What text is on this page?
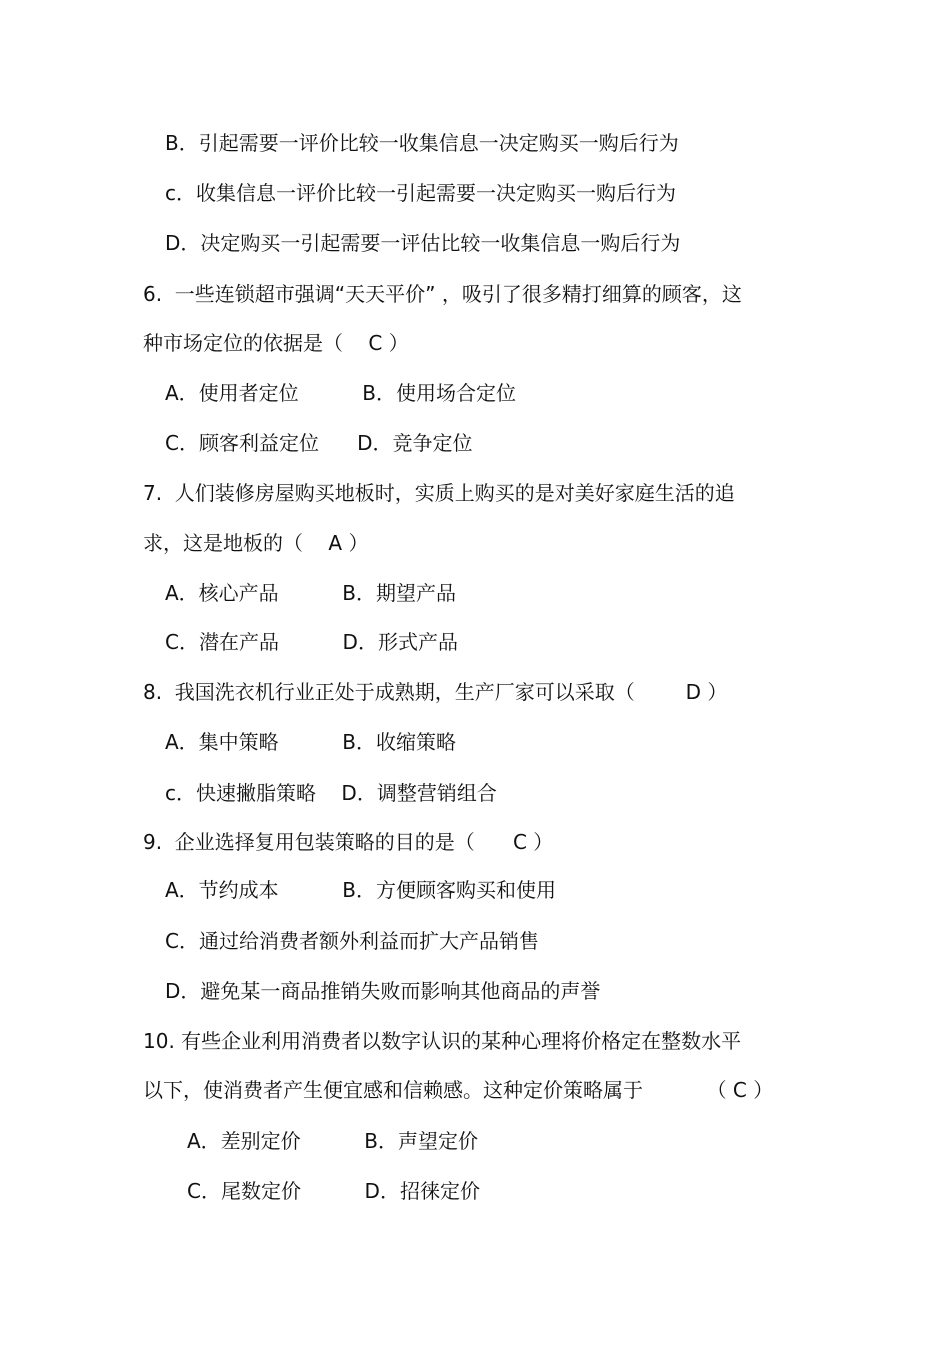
B．引起需要一评价比较一收集信息一决定购买一购后行为
c．收集信息一评价比较一引起需要一决定购买一购后行为
D．决定购买一引起需要一评估比较一收集信息一购后行为
6.  一些连锁超市强调“天天平价” ，吸引了很多精打细算的顾客，这
种市场定位的依据是（    C ）
A．使用者定位          B．使用场合定位
C．顾客利益定位      D．竞争定位
7.  人们装修房屋购买地板时，实质上购买的是对美好家庭生活的追
求，这是地板的（    A ）
A．核心产品          B．期望产品
C．潜在产品          D．形式产品
8.  我国洗衣机行业正处于成熟期，生产厂家可以采取（        D ）
A．集中策略          B．收缩策略
c．快速撇脂策略    D．调整营销组合
9.  企业选择复用包装策略的目的是（      C ）
A．节约成本          B．方便顾客购买和使用
C．通过给消费者额外利益而扩大产品销售
D．避免某一商品推销失败而影响其他商品的声誉
10. 有些企业利用消费者以数字认识的某种心理将价格定在整数水平
以下，使消费者产生便宜感和信赖感。这种定价策略属于          （ C ）
A．差别定价          B．声望定价
C．尾数定价          D．招徕定价
